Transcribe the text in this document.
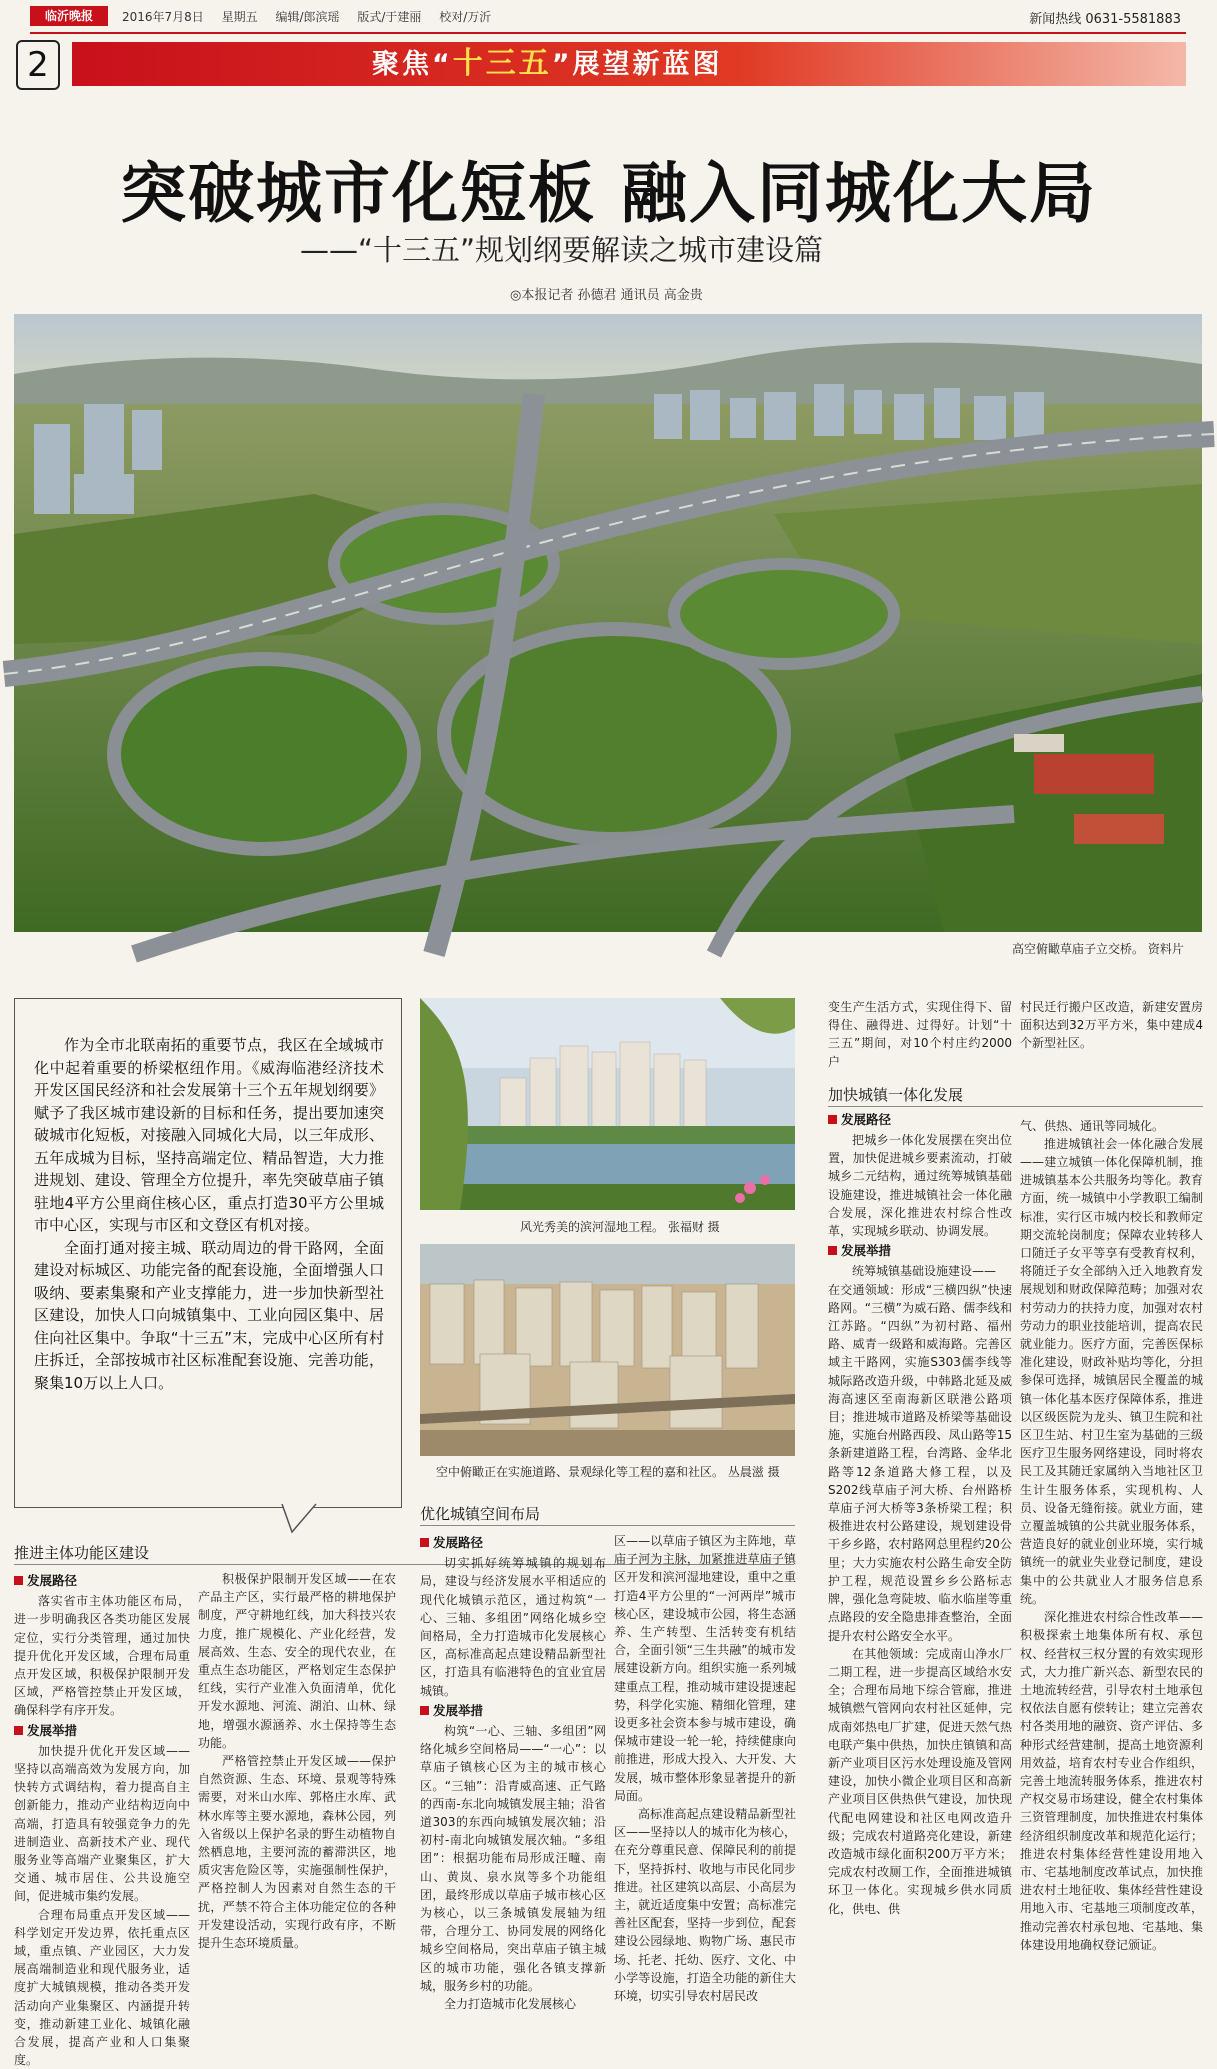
临沂晚报	2016年7月8日 星期五 编辑/郎滨瑶 版式/于建丽 校对/万沂	新闻热线 0631-5581883
2	聚焦“十三五”展望新蓝图
突破城市化短板 融入同城化大局
——“十三五”规划纲要解读之城市建设篇
◎本报记者 孙德君 通讯员 高金贵
高空俯瞰草庙子立交桥。 资料片

作为全市北联南拓的重要节点，我区在全域城市化中起着重要的桥梁枢纽作用。《威海临港经济技术开发区国民经济和社会发展第十三个五年规划纲要》赋予了我区城市建设新的目标和任务，提出要加速突破城市化短板，对接融入同城化大局，以三年成形、五年成城为目标，坚持高端定位、精品智造，大力推进规划、建设、管理全方位提升，率先突破草庙子镇驻地4平方公里商住核心区，重点打造30平方公里城市中心区，实现与市区和文登区有机对接。

全面打通对接主城、联动周边的骨干路网，全面建设对标城区、功能完备的配套设施，全面增强人口吸纳、要素集聚和产业支撑能力，进一步加快新型社区建设，加快人口向城镇集中、工业向园区集中、居住向社区集中。争取“十三五”末，完成中心区所有村庄拆迁，全部按城市社区标准配套设施、完善功能，聚集10万以上人口。

风光秀美的滨河湿地工程。 张福财 摄
空中俯瞰正在实施道路、景观绿化等工程的嘉和社区。 丛晨滋 摄
推进主体功能区建设
优化城镇空间布局
加快城镇一体化发展
发展路径

落实省市主体功能区布局，进一步明确我区各类功能区发展定位，实行分类管理，通过加快提升优化开发区域，合理布局重点开发区域，积极保护限制开发区域，严格管控禁止开发区域，确保科学有序开发。

发展举措

加快提升优化开发区域——坚持以高端高效为发展方向，加快转方式调结构，着力提高自主创新能力，推动产业结构迈向中高端，打造具有较强竞争力的先进制造业、高新技术产业、现代服务业等高端产业聚集区，扩大交通、城市居住、公共设施空间，促进城市集约发展。

合理布局重点开发区域——科学划定开发边界，依托重点区域，重点镇、产业园区，大力发展高端制造业和现代服务业，适度扩大城镇规模，推动各类开发活动向产业集聚区、内涵提升转变，推动新建工业化、城镇化融合发展，提高产业和人口集聚度。

积极保护限制开发区域——在农产品主产区，实行最严格的耕地保护制度，严守耕地红线，加大科技兴农力度，推广规模化、产业化经营，发展高效、生态、安全的现代农业，在重点生态功能区，严格划定生态保护红线，实行产业准入负面清单，优化开发水源地、河流、湖泊、山林、绿地，增强水源涵养、水土保持等生态功能。

严格管控禁止开发区域——保护自然资源、生态、环境、景观等特殊需要，对米山水库、郭格庄水库、武林水库等主要水源地，森林公园，列入省级以上保护名录的野生动植物自然栖息地，主要河流的蓄滞洪区，地质灾害危险区等，实施强制性保护，严格控制人为因素对自然生态的干扰，严禁不符合主体功能定位的各种开发建设活动，实现行政有序，不断提升生态环境质量。

发展路径

切实抓好统筹城镇的规划布局，建设与经济发展水平相适应的现代化城镇示范区，通过构筑“一心、三轴、多组团”网络化城乡空间格局，全力打造城市化发展核心区，高标准高起点建设精品新型社区，打造具有临港特色的宜业宜居城镇。

发展举措

构筑“一心、三轴、多组团”网络化城乡空间格局——“一心”：以草庙子镇核心区为主的城市核心区。“三轴”：沿青威高速、正气路的西南-东北向城镇发展主轴；沿省道303的东西向城镇发展次轴；沿初村-南北向城镇发展次轴。“多组团”：根据功能布局形成汪疃、南山、黄岚、泉水岚等多个功能组团，最终形成以草庙子城市核心区为核心，以三条城镇发展轴为纽带，合理分工、协同发展的网络化城乡空间格局，突出草庙子镇主城区的城市功能，强化各镇支撑新城，服务乡村的功能。

全力打造城市化发展核心

区——以草庙子镇区为主阵地，草庙子河为主脉，加紧推进草庙子镇区开发和滨河湿地建设，重中之重打造4平方公里的“一河两岸”城市核心区，建设城市公园，将生态涵养、生产转型、生活转变有机结合，全面引领“三生共融”的城市发展建设新方向。组织实施一系列城建重点工程，推动城市建设提速起势，科学化实施、精细化管理，建设更多社会资本参与城市建设，确保城市建设一轮一轮，持续健康向前推进，形成大投入、大开发、大发展，城市整体形象显著提升的新局面。

高标准高起点建设精品新型社区——坚持以人的城市化为核心，在充分尊重民意、保障民利的前提下，坚持拆村、收地与市民化同步推进。社区建筑以高层、小高层为主，就近适度集中安置；高标准完善社区配套，坚持一步到位，配套建设公园绿地、购物广场、惠民市场、托老、托幼、医疗、文化、中小学等设施，打造全功能的新住大环境，切实引导农村居民改

变生产生活方式，实现住得下、留得住、融得进、过得好。计划“十三五”期间，对10个村庄约2000户

发展路径

把城乡一体化发展摆在突出位置，加快促进城乡要素流动，打破城乡二元结构，通过统筹城镇基础设施建设，推进城镇社会一体化融合发展，深化推进农村综合性改革，实现城乡联动、协调发展。

发展举措

统筹城镇基础设施建设——

在交通领域：形成“三横四纵”快速路网。“三横”为威石路、儒李线和江苏路。“四纵”为初村路、福州路、威青一级路和威海路。完善区域主干路网，实施S303儒李线等城际路改造升级，中韩路北延及威海高速区至南海新区联港公路项目；推进城市道路及桥梁等基础设施，实施台州路西段、凤山路等15条新建道路工程，台湾路、金华北路等12条道路大修工程，以及S202线草庙子河大桥、台州路桥草庙子河大桥等3条桥梁工程；积极推进农村公路建设，规划建设骨干乡乡路，农村路网总里程约20公里；大力实施农村公路生命安全防护工程，规范设置乡乡公路标志牌，强化急弯陡坡、临水临崖等重点路段的安全隐患排查整治，全面提升农村公路安全水平。

在其他领域：完成南山净水厂二期工程，进一步提高区域给水安全；合理布局地下综合管廊，推进城镇燃气管网向农村社区延伸，完成南郊热电厂扩建，促进天然气热电联产集中供热，加快庄镇镇和高新产业项目区污水处理设施及管网建设，加快小微企业项目区和高新产业项目区供热供气建设，加快现代配电网建设和社区电网改造升级；完成农村道路亮化建设，新建改造城市绿化面积200万平方米；完成农村改厕工作，全面推进城镇环卫一体化。实现城乡供水同质化，供电、供

村民迁行搬户区改造，新建安置房面积达到32万平方米，集中建成4个新型社区。

气、供热、通讯等同城化。

推进城镇社会一体化融合发展——建立城镇一体化保障机制，推进城镇基本公共服务均等化。教育方面，统一城镇中小学教职工编制标准，实行区市城内校长和教师定期交流轮岗制度；保障农业转移人口随迁子女平等享有受教育权利，将随迁子女全部纳入迁入地教育发展规划和财政保障范畴；加强对农村劳动力的扶持力度，加强对农村劳动力的职业技能培训，提高农民就业能力。医疗方面，完善医保标准化建设，财政补贴均等化，分担参保可选择，城镇居民全覆盖的城镇一体化基本医疗保障体系，推进以区级医院为龙头、镇卫生院和社区卫生站、村卫生室为基础的三级医疗卫生服务网络建设，同时将农民工及其随迁家属纳入当地社区卫生计生服务体系，实现机构、人员、设备无缝衔接。就业方面，建立覆盖城镇的公共就业服务体系，营造良好的就业创业环境，实行城镇统一的就业失业登记制度，建设集中的公共就业人才服务信息系统。

深化推进农村综合性改革——积极探索土地集体所有权、承包权、经营权三权分置的有效实现形式，大力推广新兴态、新型农民的土地流转经营，引导农村土地承包权依法自愿有偿转让；建立完善农村各类用地的融资、资产评估、多种形式经营建制，提高土地资源利用效益，培育农村专业合作组织，完善土地流转服务体系，推进农村产权交易市场建设，健全农村集体三资管理制度，加快推进农村集体经济组织制度改革和规范化运行；推进农村集体经营性建设用地入市、宅基地制度改革试点，加快推进农村土地征收、集体经营性建设用地入市、宅基地三项制度改革，推动完善农村承包地、宅基地、集体建设用地确权登记颁证。
